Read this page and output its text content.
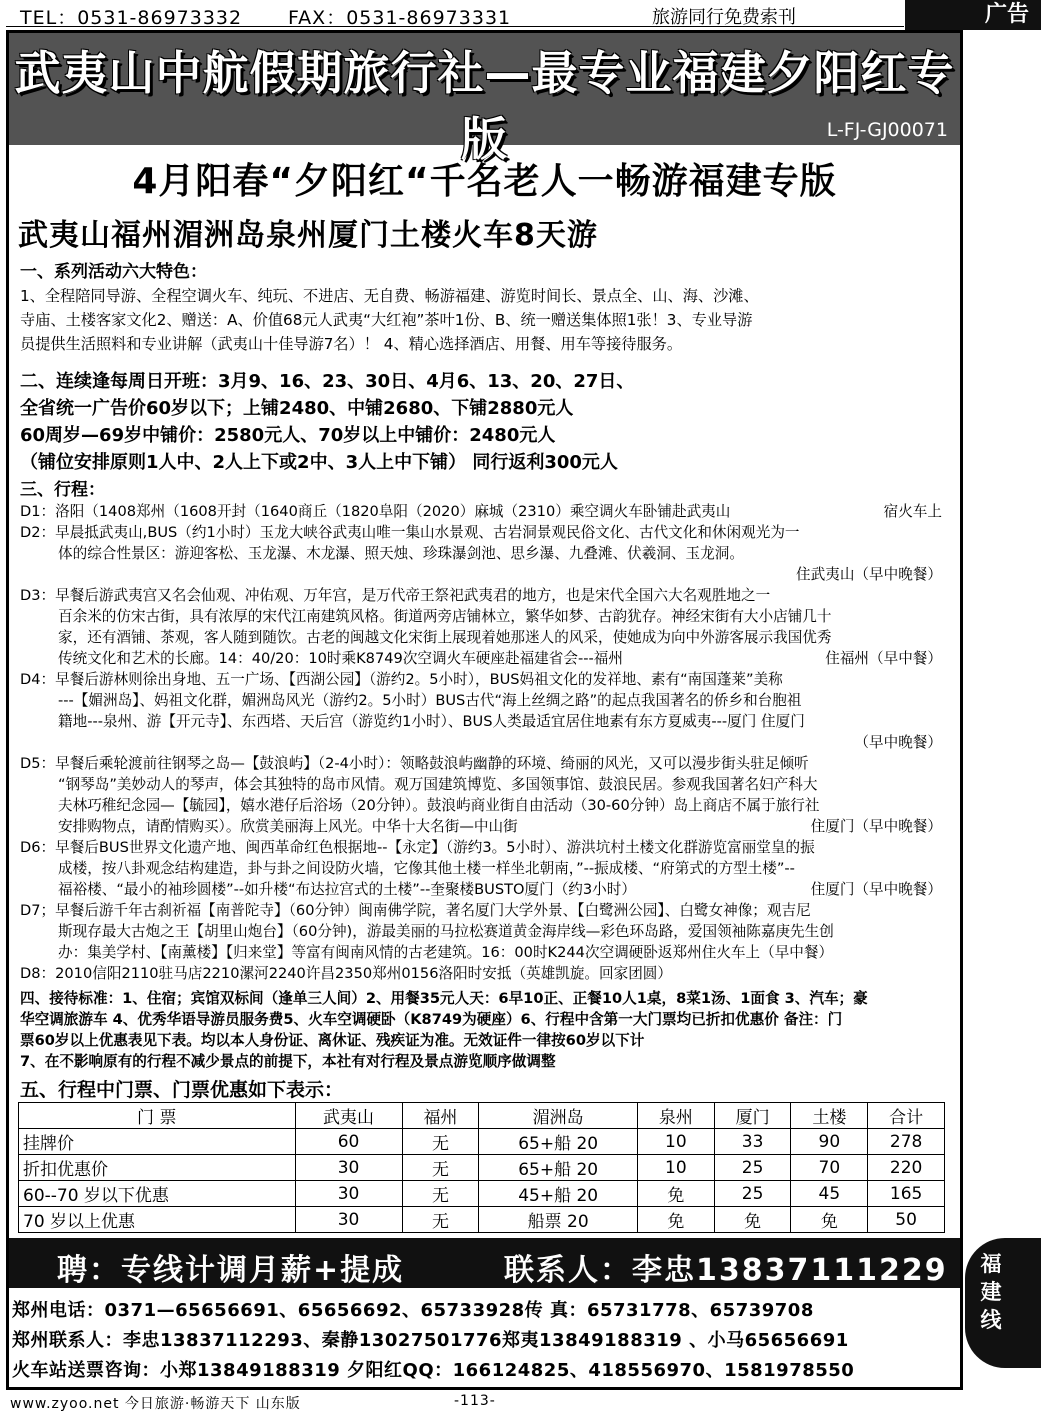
TEL：0531-86973332 FAX：0531-86973331	旅游同行免费索刊	广告
武夷山中航假期旅行社—最专业福建夕阳红专版	L-FJ-GJ00071
4月阳春“夕阳红“千名老人一畅游福建专版
武夷山福州湄洲岛泉州厦门土楼火车8天游
一、系列活动六大特色：
1、全程陪同导游、全程空调火车、纯玩、不进店、无自费、畅游福建、游览时间长、景点全、山、海、沙滩、
寺庙、土楼客家文化2、赠送：A、价值68元人武夷“大红袍”茶叶1份、B、统一赠送集体照1张！3、专业导游
员提供生活照料和专业讲解（武夷山十佳导游7名）！ 4、精心选择酒店、用餐、用车等接待服务。
二、连续逢每周日开班：3月9、16、23、30日、4月6、13、20、27日、
全省统一广告价60岁以下；上铺2480、中铺2680、下铺2880元人
60周岁—69岁中铺价：2580元人、70岁以上中铺价：2480元人
（铺位安排原则1人中、2人上下或2中、3人上中下铺） 同行返利300元人
三、行程：
D1：洛阳（1408郑州（1608开封（1640商丘（1820阜阳（2020）麻城（2310）乘空调火车卧铺赴武夷山	宿火车上
D2：早晨抵武夷山,BUS（约1小时）玉龙大峡谷武夷山唯一集山水景观、古岩洞景观民俗文化、古代文化和休闲观光为一
体的综合性景区：游迎客松、玉龙瀑、木龙瀑、照天烛、珍珠瀑剑池、思乡瀑、九叠滩、伏羲洞、玉龙洞。
住武夷山（早中晚餐）
D3：早餐后游武夷宫又名会仙观、冲佑观、万年宫，是万代帝王祭祀武夷君的地方，也是宋代全国六大名观胜地之一
百余米的仿宋古街，具有浓厚的宋代江南建筑风格。街道两旁店铺林立，繁华如梦、古韵犹存。神经宋街有大小店铺几十
家，还有酒铺、茶观，客人随到随饮。古老的闽越文化宋街上展现着她那迷人的风采，使她成为向中外游客展示我国优秀
传统文化和艺术的长廊。14：40/20：10时乘K8749次空调火车硬座赴福建省会---福州	住福州（早中餐）
D4：早餐后游林则徐出身地、五一广场、【西湖公园】（游约2。5小时），BUS妈祖文化的发祥地、素有“南国蓬莱”美称
---【媚洲岛】、妈祖文化群，媚洲岛风光（游约2。5小时）BUS古代“海上丝绸之路”的起点我国著名的侨乡和台胞祖
籍地---泉州、游【开元寺】、东西塔、天后宫（游览约1小时）、BUS人类最适宜居住地素有东方夏威夷---厦门 住厦门
（早中晚餐）
D5：早餐后乘轮渡前往钢琴之岛—【鼓浪屿】（2-4小时）：领略鼓浪屿幽静的环境、绮丽的风光，又可以漫步街头驻足倾听
“钢琴岛”美妙动人的琴声，体会其独特的岛市风情。观万国建筑博览、多国领事馆、鼓浪民居。参观我国著名妇产科大
夫林巧稚纪念园—【毓园】，嬉水港仔后浴场（20分钟）。鼓浪屿商业街自由活动（30-60分钟）岛上商店不属于旅行社
安排购物点，请酌情购买）。欣赏美丽海上风光。中华十大名街—中山街	住厦门（早中晚餐）
D6：早餐后BUS世界文化遗产地、闽西革命红色根据地--【永定】（游约3。5小时）、游洪坑村土楼文化群游览富丽堂皇的振
成楼，按八卦观念结构建造，卦与卦之间设防火墙，它像其他土楼一样坐北朝南，”--振成楼、“府第式的方型土楼”--
福裕楼、“最小的袖珍圆楼”--如升楼“布达拉宫式的土楼”--奎聚楼BUSTO厦门（约3小时）	住厦门（早中晚餐）
D7；早餐后游千年古刹祈福【南普陀寺】（60分钟）闽南佛学院，著名厦门大学外景、【白鹭洲公园】、白鹭女神像；观吉尼
斯现存最大古炮之王【胡里山炮台】（60分钟)，游最美丽的马拉松赛道黄金海岸线—彩色环岛路，爱国领袖陈嘉庚先生创
办：集美学村、【南薰楼】【归来堂】等富有闽南风情的古老建筑。16：00时K244次空调硬卧返郑州住火车上（早中餐）
D8：2010信阳2110驻马店2210漯河2240许昌2350郑州0156洛阳时安抵（英雄凯旋。回家团圆）
四、接待标准：1、住宿；宾馆双标间（逢单三人间）2、用餐35元人天：6早10正、正餐10人1桌，8菜1汤、1面食 3、汽车；豪
华空调旅游车 4、优秀华语导游员服务费5、火车空调硬卧（K8749为硬座）6、行程中含第一大门票均已折扣优惠价 备注：门
票60岁以上优惠表见下表。均以本人身份证、离休证、残疾证为准。无效证件一律按60岁以下计
7、在不影响原有的行程不减少景点的前提下，本社有对行程及景点游览顺序做调整
五、行程中门票、门票优惠如下表示：
门 票	武夷山	福州	湄洲岛	泉州	厦门	土楼	合计
挂牌价	60	无	65+船 20	10	33	90	278
折扣优惠价	30	无	65+船 20	10	25	70	220
60--70 岁以下优惠	30	无	45+船 20	免	25	45	165
70 岁以上优惠	30	无	船票 20	免	免	免	50
聘：专线计调月薪+提成	联系人：李忠13837111229
郑州电话：0371—65656691、65656692、65733928传 真：65731778、65739708
郑州联系人：李忠13837112293、秦静13027501776郑夷13849188319 、小马65656691
火车站送票咨询：小郑13849188319 夕阳红QQ：166124825、418556970、1581978550
www.zyoo.net 今日旅游·畅游天下 山东版	-113-
福建线
